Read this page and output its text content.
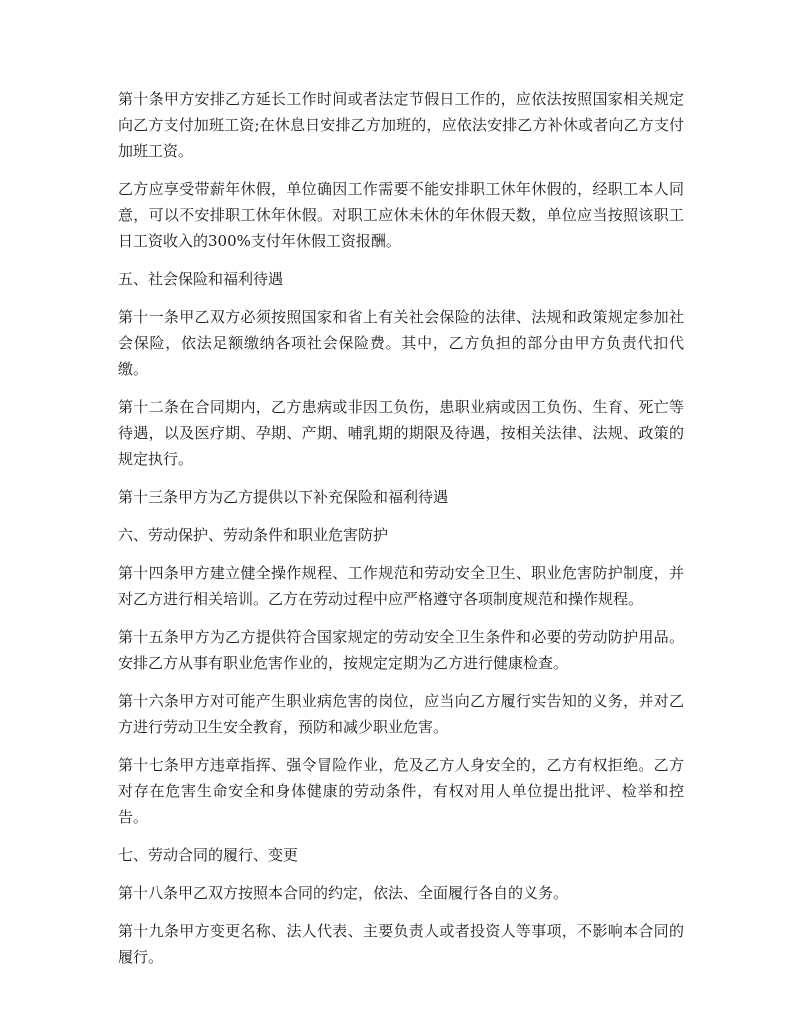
第十条甲方安排乙方延长工作时间或者法定节假日工作的，应依法按照国家相关规定向乙方支付加班工资;在休息日安排乙方加班的，应依法安排乙方补休或者向乙方支付加班工资。

乙方应享受带薪年休假，单位确因工作需要不能安排职工休年休假的，经职工本人同意，可以不安排职工休年休假。对职工应休未休的年休假天数，单位应当按照该职工日工资收入的300%支付年休假工资报酬。

五、社会保险和福利待遇

第十一条甲乙双方必须按照国家和省上有关社会保险的法律、法规和政策规定参加社会保险，依法足额缴纳各项社会保险费。其中，乙方负担的部分由甲方负责代扣代缴。

第十二条在合同期内，乙方患病或非因工负伤，患职业病或因工负伤、生育、死亡等待遇，以及医疗期、孕期、产期、哺乳期的期限及待遇，按相关法律、法规、政策的规定执行。

第十三条甲方为乙方提供以下补充保险和福利待遇

六、劳动保护、劳动条件和职业危害防护

第十四条甲方建立健全操作规程、工作规范和劳动安全卫生、职业危害防护制度，并对乙方进行相关培训。乙方在劳动过程中应严格遵守各项制度规范和操作规程。

第十五条甲方为乙方提供符合国家规定的劳动安全卫生条件和必要的劳动防护用品。安排乙方从事有职业危害作业的，按规定定期为乙方进行健康检查。

第十六条甲方对可能产生职业病危害的岗位，应当向乙方履行实告知的义务，并对乙方进行劳动卫生安全教育，预防和减少职业危害。

第十七条甲方违章指挥、强令冒险作业，危及乙方人身安全的，乙方有权拒绝。乙方对存在危害生命安全和身体健康的劳动条件，有权对用人单位提出批评、检举和控告。

七、劳动合同的履行、变更

第十八条甲乙双方按照本合同的约定，依法、全面履行各自的义务。

第十九条甲方变更名称、法人代表、主要负责人或者投资人等事项，不影响本合同的履行。
